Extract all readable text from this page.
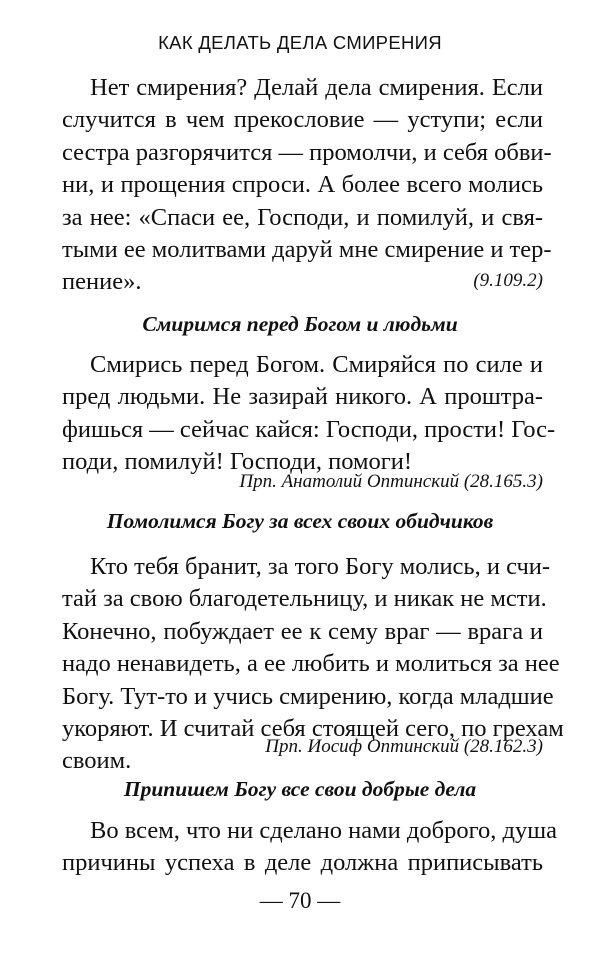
КАК ДЕЛАТЬ ДЕЛА СМИРЕНИЯ
Нет смирения? Делай дела смирения. Если
случится в чем прекословие — уступи; если
сестра разгорячится — промолчи, и себя обви-
ни, и прощения спроси. А более всего молись
за нее: «Спаси ее, Господи, и помилуй, и свя-
тыми ее молитвами даруй мне смирение и тер-
пение».	(9.109.2)
Смиримся перед Богом и людьми
Смирись перед Богом. Смиряйся по силе и
пред людьми. Не зазирай никого. А проштра-
фишься — сейчас кайся: Господи, прости! Гос-
поди, помилуй! Господи, помоги!
Прп. Анатолий Оптинский (28.165.3)
Помолимся Богу за всех своих обидчиков
Кто тебя бранит, за того Богу молись, и счи-
тай за свою благодетельницу, и никак не мсти.
Конечно, побуждает ее к сему враг — врага и
надо ненавидеть, а ее любить и молиться за нее
Богу. Тут-то и учись смирению, когда младшие
укоряют. И считай себя стоящей сего, по грехам
своим.
Прп. Иосиф Оптинский (28.162.3)
Припишем Богу все свои добрые дела
Во всем, что ни сделано нами доброго, душа
причины успеха в деле должна приписывать
— 70 —
